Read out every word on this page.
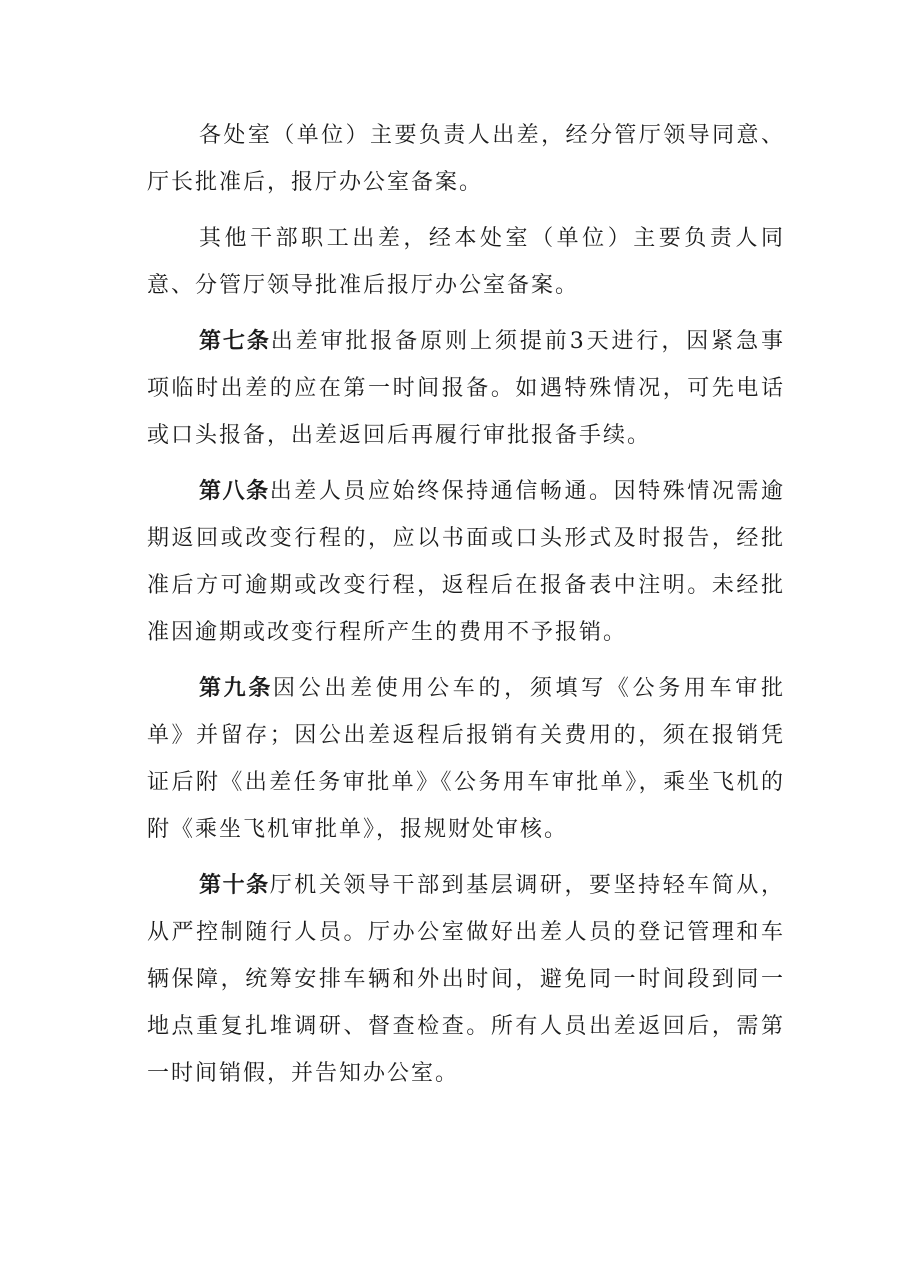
各处室（单位）主要负责人出差，经分管厅领导同意、厅长批准后，报厅办公室备案。

其他干部职工出差，经本处室（单位）主要负责人同意、分管厅领导批准后报厅办公室备案。

第七条出差审批报备原则上须提前3天进行，因紧急事项临时出差的应在第一时间报备。如遇特殊情况，可先电话或口头报备，出差返回后再履行审批报备手续。

第八条出差人员应始终保持通信畅通。因特殊情况需逾期返回或改变行程的，应以书面或口头形式及时报告，经批准后方可逾期或改变行程，返程后在报备表中注明。未经批准因逾期或改变行程所产生的费用不予报销。

第九条因公出差使用公车的，须填写《公务用车审批单》并留存；因公出差返程后报销有关费用的，须在报销凭证后附《出差任务审批单》《公务用车审批单》，乘坐飞机的附《乘坐飞机审批单》，报规财处审核。

第十条厅机关领导干部到基层调研，要坚持轻车简从，从严控制随行人员。厅办公室做好出差人员的登记管理和车辆保障，统筹安排车辆和外出时间，避免同一时间段到同一地点重复扎堆调研、督查检查。所有人员出差返回后，需第一时间销假，并告知办公室。
